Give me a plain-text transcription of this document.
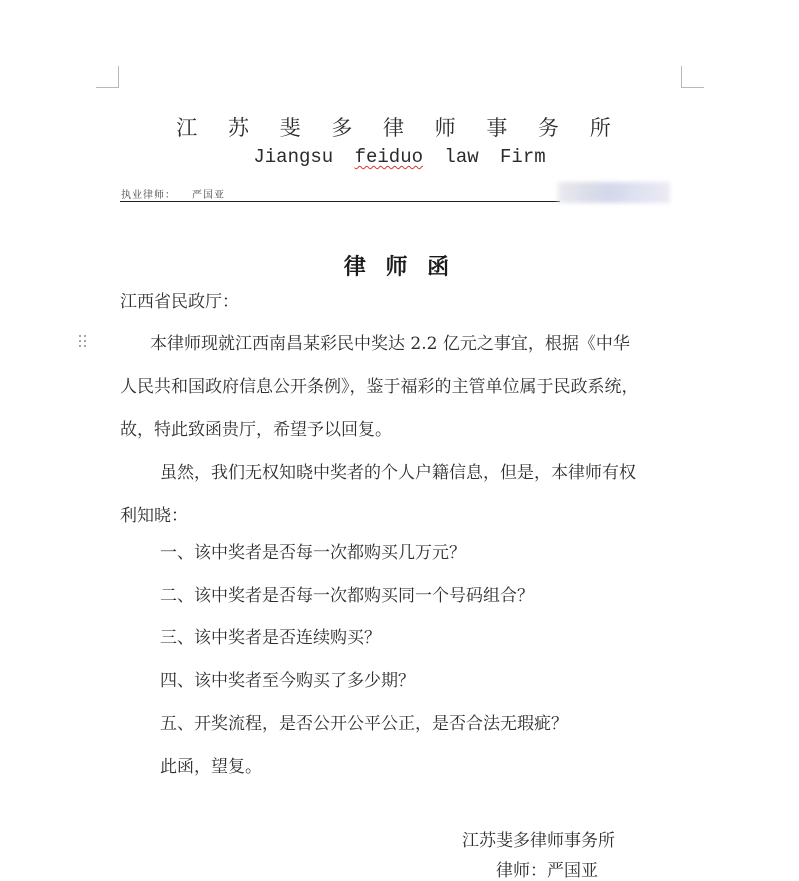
江 苏 斐 多 律 师 事 务 所
Jiangsu feiduo law Firm
执业律师： 严国亚
律 师 函
江西省民政厅：
本律师现就江西南昌某彩民中奖达 2.2 亿元之事宜，根据《中华
人民共和国政府信息公开条例》，鉴于福彩的主管单位属于民政系统，
故，特此致函贵厅，希望予以回复。
虽然，我们无权知晓中奖者的个人户籍信息，但是，本律师有权
利知晓：
一、该中奖者是否每一次都购买几万元？
二、该中奖者是否每一次都购买同一个号码组合？
三、该中奖者是否连续购买？
四、该中奖者至今购买了多少期？
五、开奖流程，是否公开公平公正，是否合法无瑕疵？
此函，望复。
江苏斐多律师事务所
律师：严国亚
